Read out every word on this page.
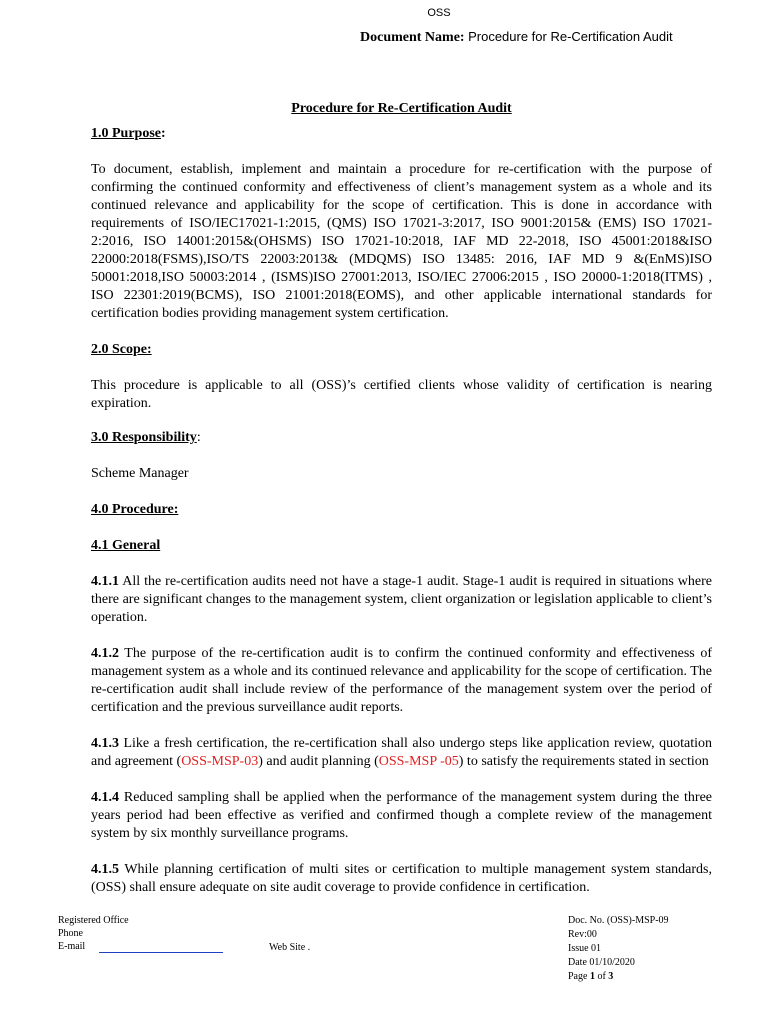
OSS
Document Name: Procedure for Re-Certification Audit

Procedure for Re-Certification Audit

1.0 Purpose:

To document, establish, implement and maintain a procedure for re-certification with the purpose of confirming the continued conformity and effectiveness of client’s management system as a whole and its continued relevance and applicability for the scope of certification. This is done in accordance with requirements of ISO/IEC17021-1:2015, (QMS) ISO 17021-3:2017, ISO 9001:2015& (EMS) ISO 17021-2:2016, ISO 14001:2015&(OHSMS) ISO 17021-10:2018, IAF MD 22-2018, ISO 45001:2018&ISO 22000:2018(FSMS),ISO/TS 22003:2013& (MDQMS) ISO 13485: 2016, IAF MD 9 &(EnMS)ISO 50001:2018,ISO 50003:2014 , (ISMS)ISO 27001:2013, ISO/IEC 27006:2015 , ISO 20000-1:2018(ITMS) , ISO 22301:2019(BCMS), ISO 21001:2018(EOMS), and other applicable international standards for certification bodies providing management system certification.

2.0 Scope:

This procedure is applicable to all (OSS)’s certified clients whose validity of certification is nearing expiration.

3.0 Responsibility:

Scheme Manager

4.0 Procedure:

4.1 General

4.1.1 All the re-certification audits need not have a stage-1 audit. Stage-1 audit is required in situations where there are significant changes to the management system, client organization or legislation applicable to client’s operation.

4.1.2 The purpose of the re-certification audit is to confirm the continued conformity and effectiveness of management system as a whole and its continued relevance and applicability for the scope of certification. The re-certification audit shall include review of the performance of the management system over the period of certification and the previous surveillance audit reports.

4.1.3 Like a fresh certification, the re-certification shall also undergo steps like application review, quotation and agreement (OSS-MSP-03) and audit planning (OSS-MSP -05) to satisfy the requirements stated in section

4.1.4 Reduced sampling shall be applied when the performance of the management system during the three years period had been effective as verified and confirmed though a complete review of the management system by six monthly surveillance programs.

4.1.5 While planning certification of multi sites or certification to multiple management system standards, (OSS) shall ensure adequate on site audit coverage to provide confidence in certification.

Registered Office
Phone
E-mail	Web Site .
Doc. No. (OSS)-MSP-09
Rev:00
Issue 01
Date 01/10/2020
Page 1 of 3
